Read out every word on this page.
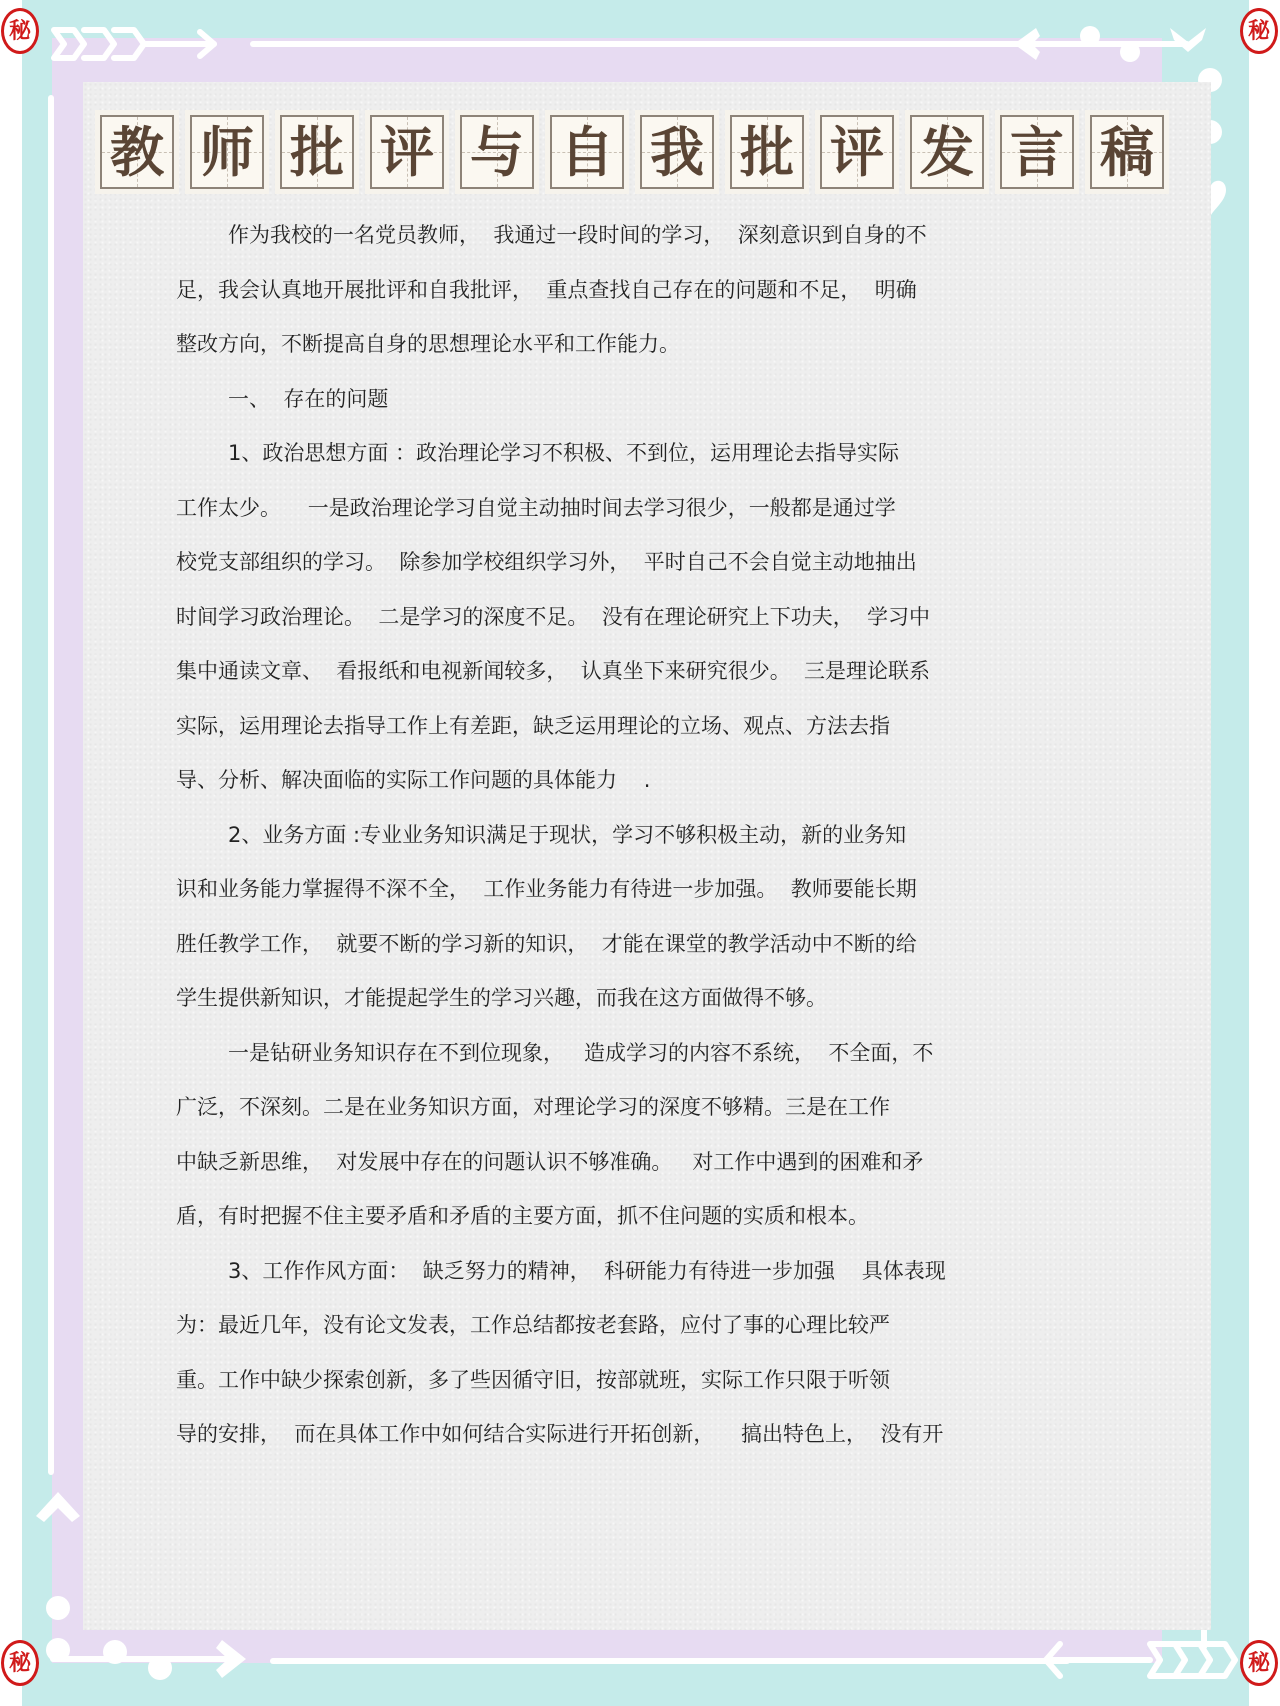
秘	秘
秘	秘
教 师 批 评 与 自 我 批 评 发 言 稿

作为我校的一名党员教师，  我通过一段时间的学习，  深刻意识到自身的不

足，我会认真地开展批评和自我批评，  重点查找自己存在的问题和不足，  明确

整改方向，不断提高自身的思想理论水平和工作能力。

一、  存在的问题

1、政治思想方面 ：政治理论学习不积极、不到位，运用理论去指导实际

工作太少。    一是政治理论学习自觉主动抽时间去学习很少，一般都是通过学

校党支部组织的学习。  除参加学校组织学习外，  平时自己不会自觉主动地抽出

时间学习政治理论。  二是学习的深度不足。  没有在理论研究上下功夫，  学习中

集中通读文章、  看报纸和电视新闻较多，  认真坐下来研究很少。  三是理论联系

实际，运用理论去指导工作上有差距，缺乏运用理论的立场、观点、方法去指

导、分析、解决面临的实际工作问题的具体能力    .

2、业务方面 :专业业务知识满足于现状，学习不够积极主动，新的业务知

识和业务能力掌握得不深不全，  工作业务能力有待进一步加强。  教师要能长期

胜任教学工作，  就要不断的学习新的知识，  才能在课堂的教学活动中不断的给

学生提供新知识，才能提起学生的学习兴趣，而我在这方面做得不够。

一是钻研业务知识存在不到位现象，   造成学习的内容不系统，  不全面，不

广泛，不深刻。二是在业务知识方面，对理论学习的深度不够精。三是在工作

中缺乏新思维，  对发展中存在的问题认识不够准确。   对工作中遇到的困难和矛

盾，有时把握不住主要矛盾和矛盾的主要方面，抓不住问题的实质和根本。

3、工作作风方面：  缺乏努力的精神，  科研能力有待进一步加强    具体表现

为：最近几年，没有论文发表，工作总结都按老套路，应付了事的心理比较严

重。工作中缺少探索创新，多了些因循守旧，按部就班，实际工作只限于听领

导的安排，  而在具体工作中如何结合实际进行开拓创新，    搞出特色上，  没有开
